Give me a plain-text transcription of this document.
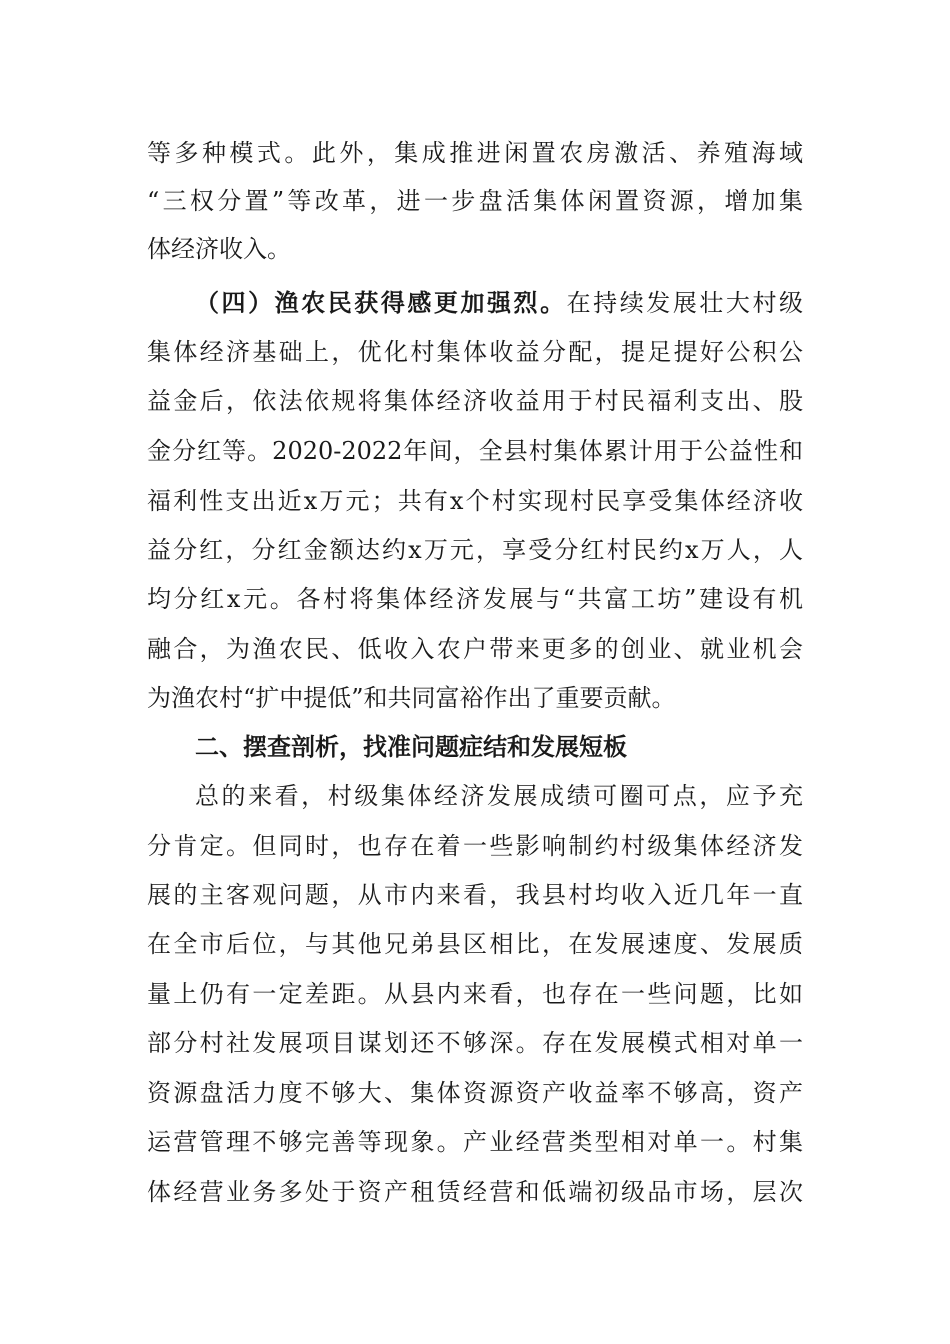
等多种模式。此外，集成推进闲置农房激活、养殖海域
“三权分置”等改革，进一步盘活集体闲置资源，增加集
体经济收入。
（四）渔农民获得感更加强烈。在持续发展壮大村级
集体经济基础上，优化村集体收益分配，提足提好公积公
益金后，依法依规将集体经济收益用于村民福利支出、股
金分红等。2020-2022年间，全县村集体累计用于公益性和
福利性支出近x万元；共有x个村实现村民享受集体经济收
益分红，分红金额达约x万元，享受分红村民约x万人，人
均分红x元。各村将集体经济发展与“共富工坊”建设有机
融合，为渔农民、低收入农户带来更多的创业、就业机会
为渔农村“扩中提低”和共同富裕作出了重要贡献。
二、摆查剖析，找准问题症结和发展短板
总的来看，村级集体经济发展成绩可圈可点，应予充
分肯定。但同时，也存在着一些影响制约村级集体经济发
展的主客观问题，从市内来看，我县村均收入近几年一直
在全市后位，与其他兄弟县区相比，在发展速度、发展质
量上仍有一定差距。从县内来看，也存在一些问题，比如
部分村社发展项目谋划还不够深。存在发展模式相对单一
资源盘活力度不够大、集体资源资产收益率不够高，资产
运营管理不够完善等现象。产业经营类型相对单一。村集
体经营业务多处于资产租赁经营和低端初级品市场，层次
